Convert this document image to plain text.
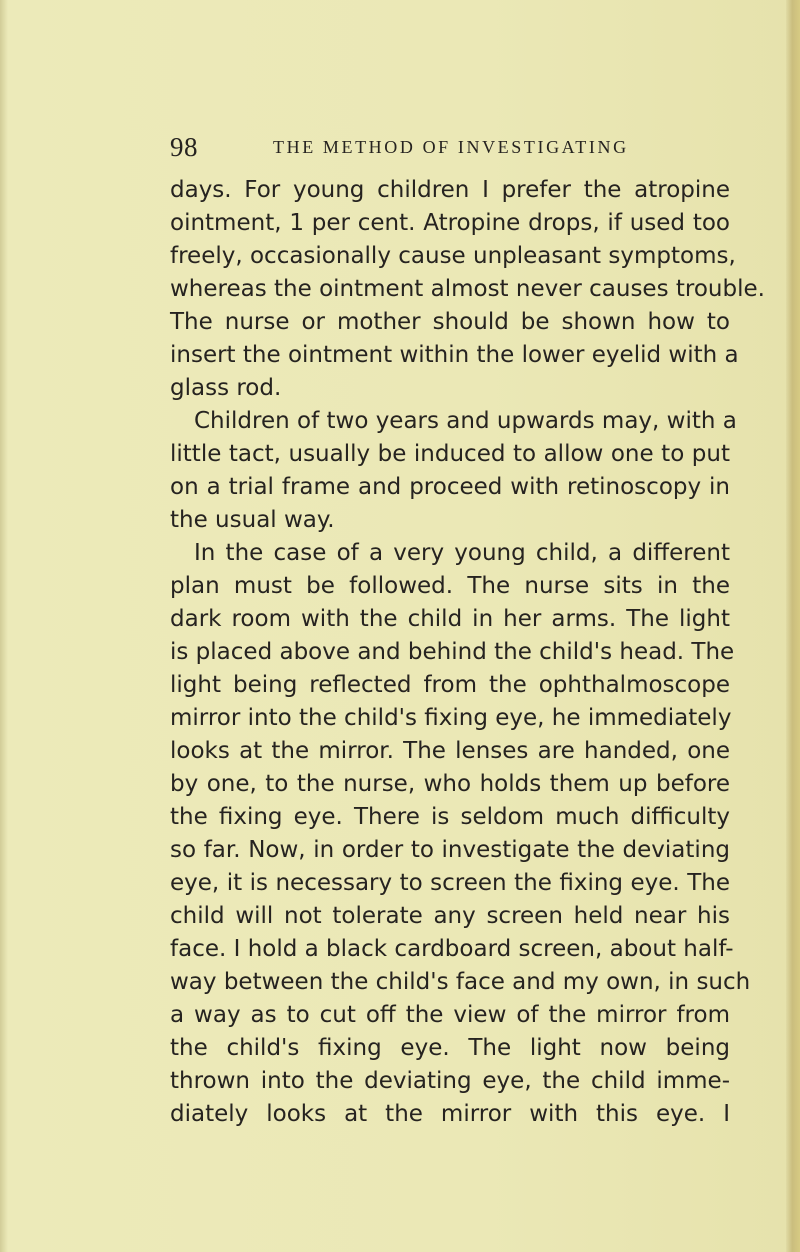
98	THE METHOD OF INVESTIGATING
days. For young children I prefer the atropine
ointment, 1 per cent. Atropine drops, if used too
freely, occasionally cause unpleasant symptoms,
whereas the ointment almost never causes trouble.
The nurse or mother should be shown how to
insert the ointment within the lower eyelid with a
glass rod.
Children of two years and upwards may, with a
little tact, usually be induced to allow one to put
on a trial frame and proceed with retinoscopy in
the usual way.
In the case of a very young child, a different
plan must be followed. The nurse sits in the
dark room with the child in her arms. The light
is placed above and behind the child's head. The
light being reflected from the ophthalmoscope
mirror into the child's fixing eye, he immediately
looks at the mirror. The lenses are handed, one
by one, to the nurse, who holds them up before
the fixing eye. There is seldom much difficulty
so far. Now, in order to investigate the deviating
eye, it is necessary to screen the fixing eye. The
child will not tolerate any screen held near his
face. I hold a black cardboard screen, about half-
way between the child's face and my own, in such
a way as to cut off the view of the mirror from
the child's fixing eye. The light now being
thrown into the deviating eye, the child imme-
diately looks at the mirror with this eye. I
